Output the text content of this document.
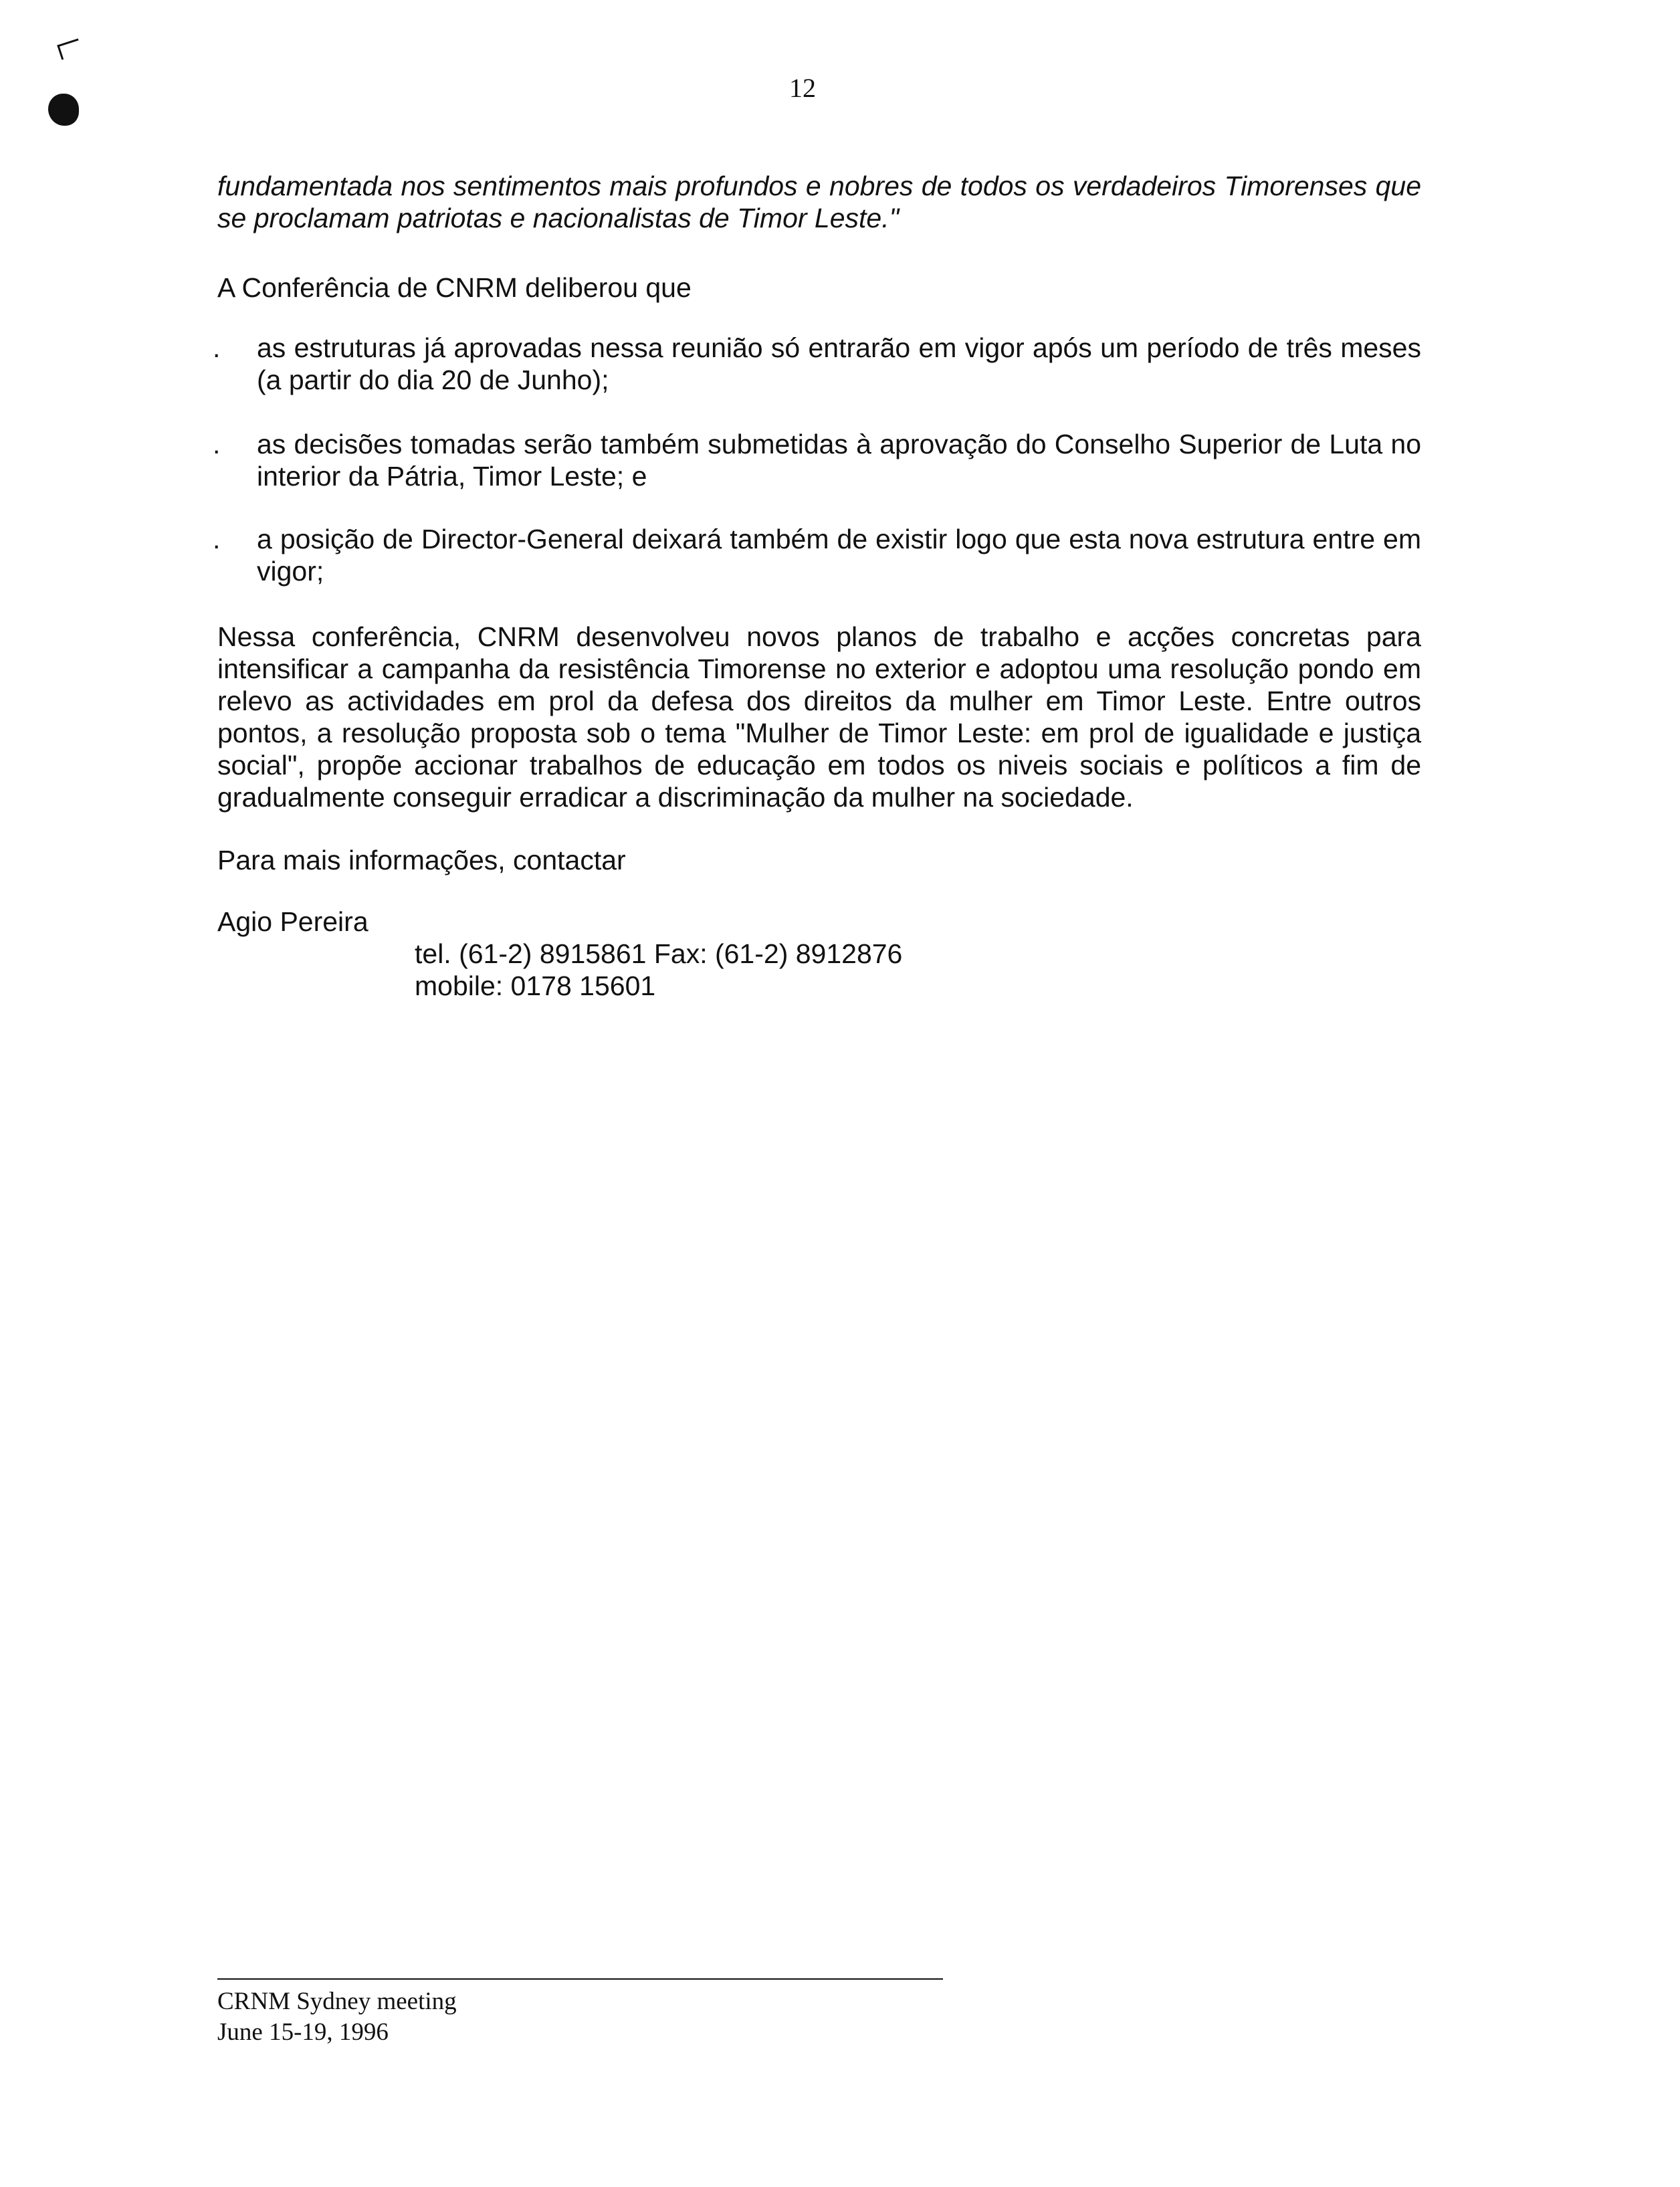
12
fundamentada nos sentimentos mais profundos e nobres de todos os verdadeiros Timorenses que se proclamam patriotas e nacionalistas de Timor Leste."
A Conferência de CNRM deliberou que
.	as estruturas já aprovadas nessa reunião só entrarão em vigor após um período de três meses (a partir do dia 20 de Junho);
.	as decisões tomadas serão também submetidas à aprovação do Conselho Superior de Luta no interior da Pátria, Timor Leste; e
.	a posição de Director-General deixará também de existir logo que esta nova estrutura entre em vigor;
Nessa conferência, CNRM desenvolveu novos planos de trabalho e acções concretas para intensificar a campanha da resistência Timorense no exterior e adoptou uma resolução pondo em relevo as actividades em prol da defesa dos direitos da mulher em Timor Leste. Entre outros pontos, a resolução proposta sob o tema "Mulher de Timor Leste: em prol de igualidade e justiça social", propõe accionar trabalhos de educação em todos os niveis sociais e políticos a fim de gradualmente conseguir erradicar a discriminação da mulher na sociedade.
Para mais informações, contactar
Agio Pereira
tel. (61-2) 8915861 Fax: (61-2) 8912876
mobile: 0178 15601
CRNM Sydney meeting
June 15-19, 1996
